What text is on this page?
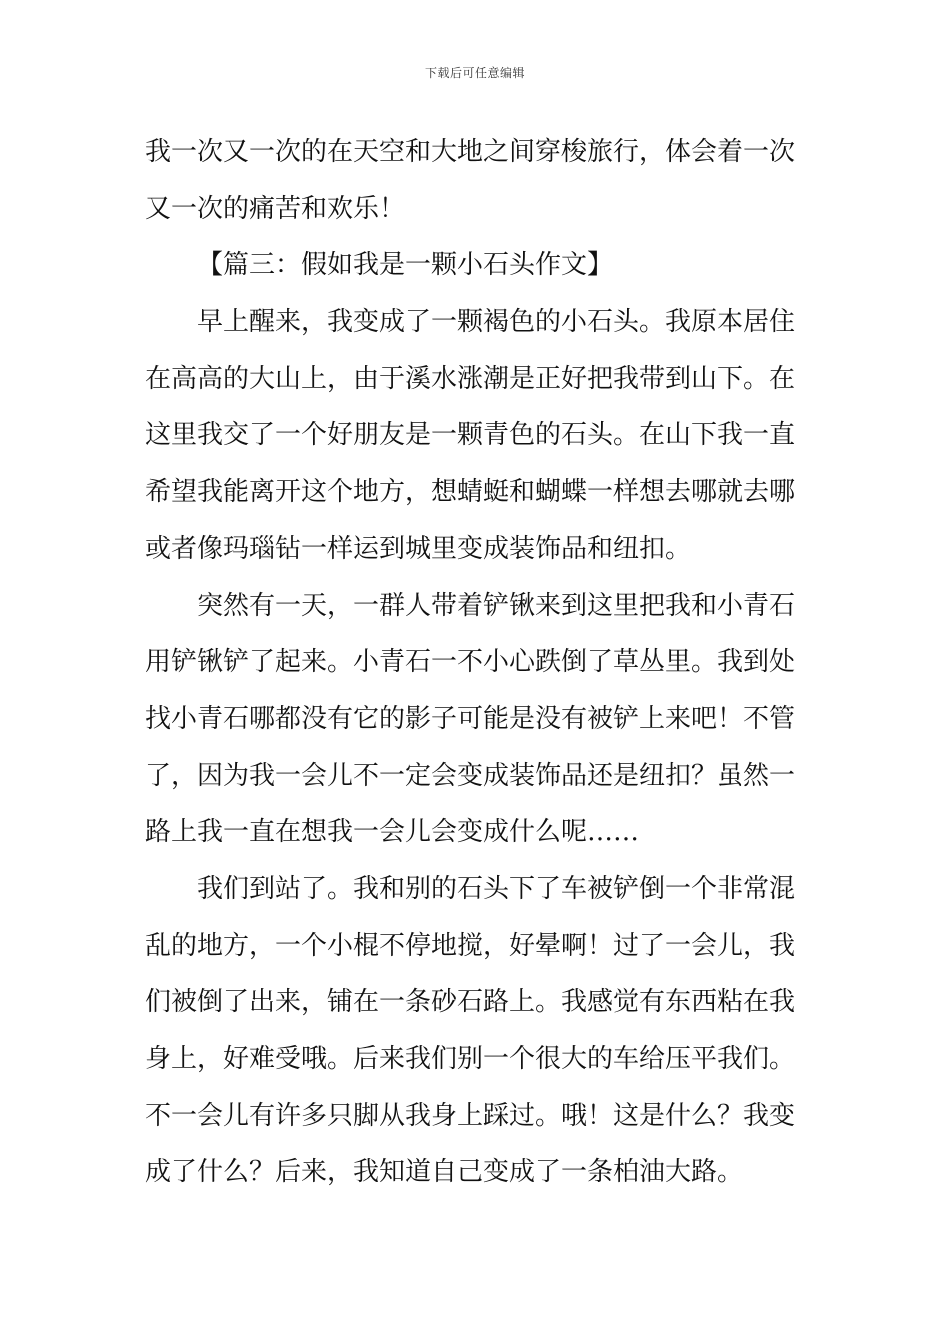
下载后可任意编辑
我一次又一次的在天空和大地之间穿梭旅行，体会着一次
又一次的痛苦和欢乐！
【篇三：假如我是一颗小石头作文】
早上醒来，我变成了一颗褐色的小石头。我原本居住
在高高的大山上，由于溪水涨潮是正好把我带到山下。在
这里我交了一个好朋友是一颗青色的石头。在山下我一直
希望我能离开这个地方，想蜻蜓和蝴蝶一样想去哪就去哪
或者像玛瑙钻一样运到城里变成装饰品和纽扣。
突然有一天，一群人带着铲锹来到这里把我和小青石
用铲锹铲了起来。小青石一不小心跌倒了草丛里。我到处
找小青石哪都没有它的影子可能是没有被铲上来吧！不管
了，因为我一会儿不一定会变成装饰品还是纽扣？虽然一
路上我一直在想我一会儿会变成什么呢……
我们到站了。我和别的石头下了车被铲倒一个非常混
乱的地方，一个小棍不停地搅，好晕啊！过了一会儿，我
们被倒了出来，铺在一条砂石路上。我感觉有东西粘在我
身上，好难受哦。后来我们别一个很大的车给压平我们。
不一会儿有许多只脚从我身上踩过。哦！这是什么？我变
成了什么？后来，我知道自己变成了一条柏油大路。
